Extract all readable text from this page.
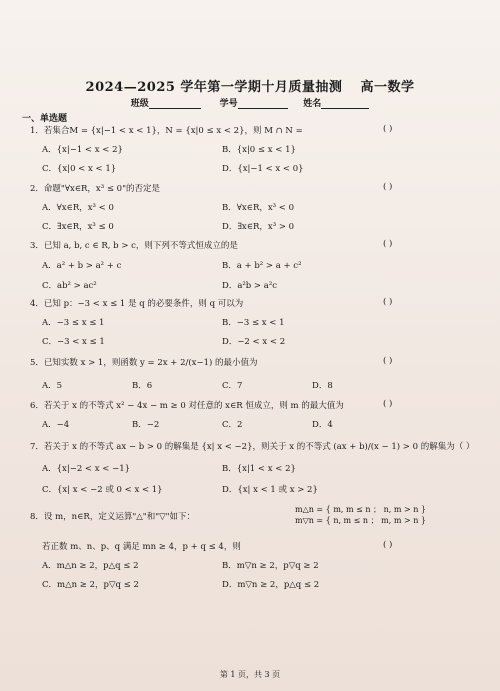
2024—2025 学年第一学期十月质量抽测 高一数学
班级	学号	姓名
一、单选题
1．若集合M = {x|−1 < x < 1}，N = {x|0 ≤ x < 2}，则 M ∩ N =	( )
A．{x|−1 < x < 2}	B．{x|0 ≤ x < 1}
C．{x|0 < x < 1}	D．{x|−1 < x < 0}
2．命题"∀x∈R，x³ ≤ 0"的否定是	( )
A．∀x∈R，x³ < 0	B．∀x∈R，x³ < 0
C．∃x∈R，x³ ≤ 0	D．∃x∈R，x³ > 0
3．已知 a, b, c ∈ R, b > c，则下列不等式恒成立的是	( )
A．a² + b > a² + c	B．a + b² > a + c²
C．ab² > ac²	D．a²b > a²c
4．已知 p：−3 < x ≤ 1 是 q 的必要条件，则 q 可以为	( )
A．−3 ≤ x ≤ 1	B．−3 ≤ x < 1
C．−3 < x ≤ 1	D．−2 < x < 2
5．已知实数 x > 1，则函数 y = 2x + 2/(x−1) 的最小值为	( )
A．5	B．6	C．7	D．8
6．若关于 x 的不等式 x² − 4x − m ≥ 0 对任意的 x∈R 恒成立，则 m 的最大值为	( )
A．−4	B．−2	C．2	D．4
7．若关于 x 的不等式 ax − b > 0 的解集是 {x| x < −2}，则关于 x 的不等式 (ax + b)/(x − 1) > 0 的解集为（ ）
A．{x|−2 < x < −1}	B．{x|1 < x < 2}
C．{x| x < −2 或 0 < x < 1}	D．{x| x < 1 或 x > 2}
8．设 m，n∈R，定义运算"△"和"▽"如下：
m△n = { m, m ≤ n ； n, m > n }
m▽n = { n, m ≤ n ； m, m > n }
若正数 m、n、p、q 满足 mn ≥ 4，p + q ≤ 4，则	( )
A．m△n ≥ 2，p△q ≤ 2	B．m▽n ≥ 2，p▽q ≥ 2
C．m△n ≥ 2，p▽q ≤ 2	D．m▽n ≥ 2，p△q ≤ 2
第 1 页，共 3 页
